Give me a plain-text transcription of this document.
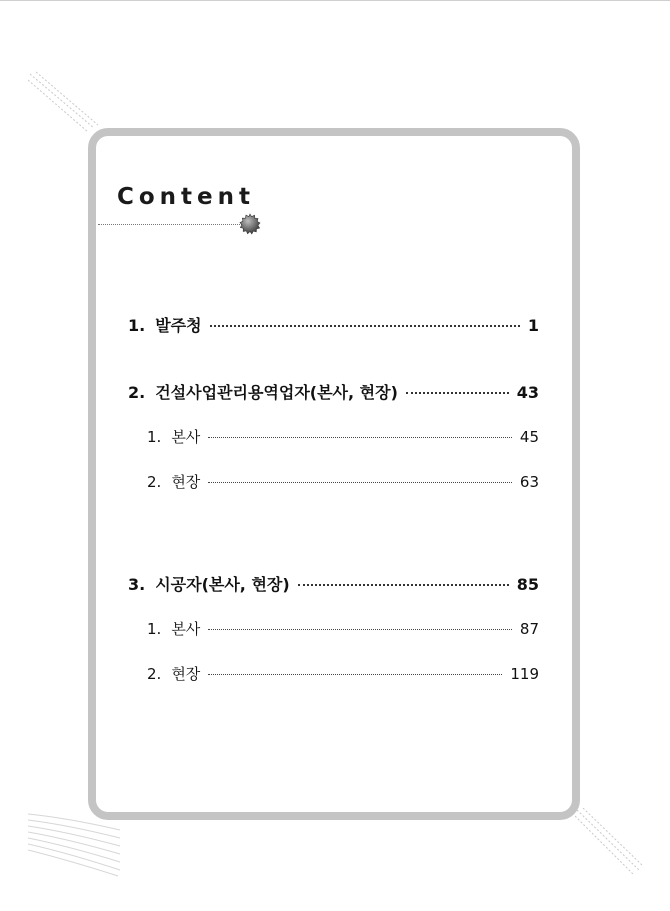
Content
1. 발주청	1
2. 건설사업관리용역업자(본사, 현장)	43
1. 본사	45
2. 현장	63
3. 시공자(본사, 현장)	85
1. 본사	87
2. 현장	119
